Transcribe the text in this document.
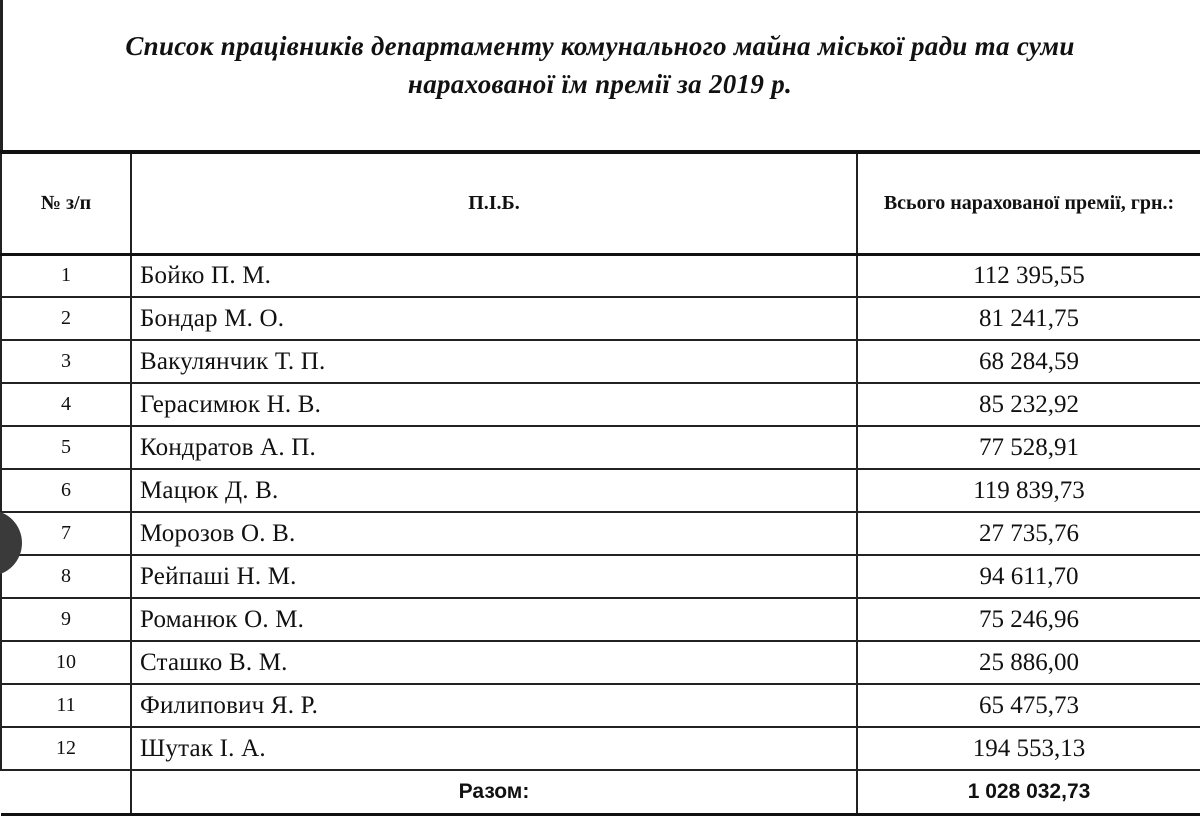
Список працівників департаменту комунального майна міської ради та суми
нарахованої їм премії за 2019 р.
№ з/п	П.І.Б.	Всього нарахованої премії, грн.:
1	Бойко П. М.	112 395,55
2	Бондар М. О.	81 241,75
3	Вакулянчик Т. П.	68 284,59
4	Герасимюк Н. В.	85 232,92
5	Кондратов А. П.	77 528,91
6	Мацюк Д. В.	119 839,73
7	Морозов О. В.	27 735,76
8	Рейпаші Н. М.	94 611,70
9	Романюк О. М.	75 246,96
10	Сташко В. М.	25 886,00
11	Филипович Я. Р.	65 475,73
12	Шутак І. А.	194 553,13
	Разом:	1 028 032,73
